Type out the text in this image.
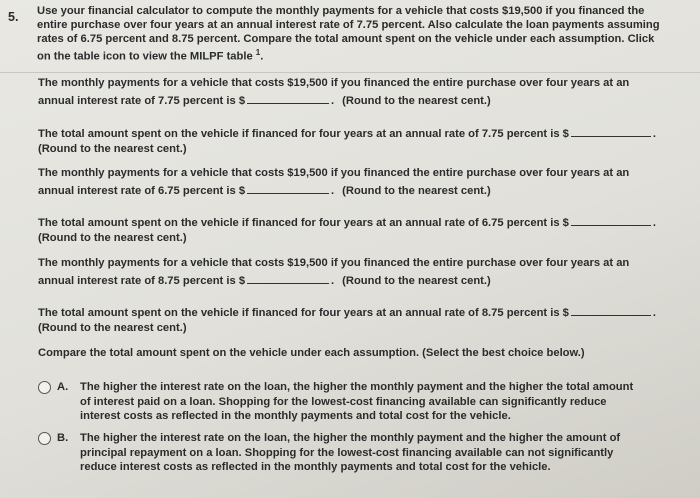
5. Use your financial calculator to compute the monthly payments for a vehicle that costs $19,500 if you financed the entire purchase over four years at an annual interest rate of 7.75 percent. Also calculate the loan payments assuming rates of 6.75 percent and 8.75 percent. Compare the total amount spent on the vehicle under each assumption. Click on the table icon to view the MILPF table $^1$.
The monthly payments for a vehicle that costs $19,500 if you financed the entire purchase over four years at an annual interest rate of 7.75 percent is $	. (Round to the nearest cent.)
The total amount spent on the vehicle if financed for four years at an annual rate of 7.75 percent is $	.
(Round to the nearest cent.)
The monthly payments for a vehicle that costs $19,500 if you financed the entire purchase over four years at an annual interest rate of 6.75 percent is $	. (Round to the nearest cent.)
The total amount spent on the vehicle if financed for four years at an annual rate of 6.75 percent is $	.
(Round to the nearest cent.)
The monthly payments for a vehicle that costs $19,500 if you financed the entire purchase over four years at an annual interest rate of 8.75 percent is $	. (Round to the nearest cent.)
The total amount spent on the vehicle if financed for four years at an annual rate of 8.75 percent is $	.
(Round to the nearest cent.)
Compare the total amount spent on the vehicle under each assumption. (Select the best choice below.)
A. The higher the interest rate on the loan, the higher the monthly payment and the higher the total amount of interest paid on a loan. Shopping for the lowest-cost financing available can significantly reduce interest costs as reflected in the monthly payments and total cost for the vehicle.
B. The higher the interest rate on the loan, the higher the monthly payment and the higher the amount of principal repayment on a loan. Shopping for the lowest-cost financing available can not significantly reduce interest costs as reflected in the monthly payments and total cost for the vehicle.
